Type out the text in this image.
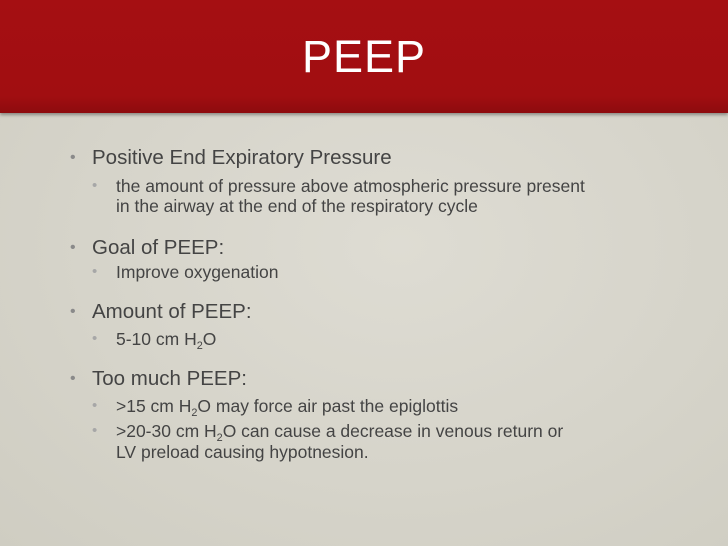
PEEP
• Positive End Expiratory Pressure
• the amount of pressure above atmospheric pressure present
in the airway at the end of the respiratory cycle
• Goal of PEEP:
• Improve oxygenation
• Amount of PEEP:
• 5-10 cm $H_2O$
• Too much PEEP:
• >15 cm $H_2O$ may force air past the epiglottis
• >20-30 cm $H_2O$ can cause a decrease in venous return or
LV preload causing hypotnesion.
